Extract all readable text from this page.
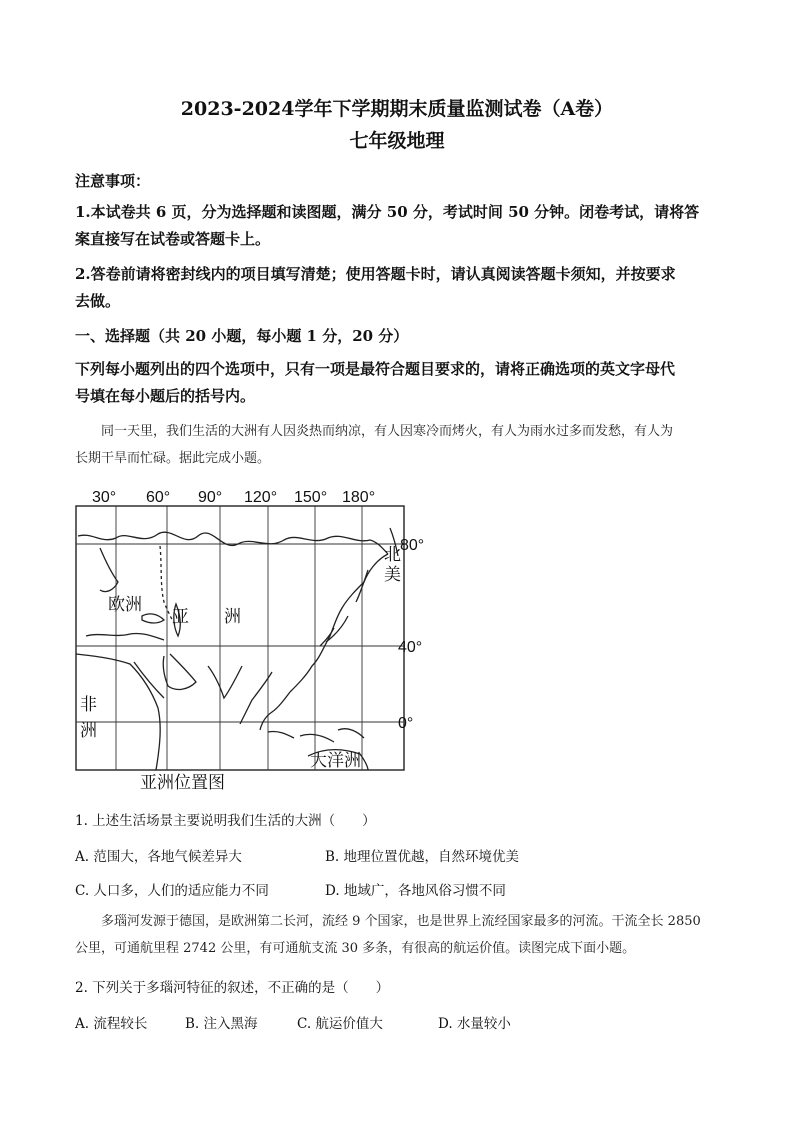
2023-2024学年下学期期末质量监测试卷（A卷）
七年级地理
注意事项：
1.本试卷共 6 页，分为选择题和读图题，满分 50 分，考试时间 50 分钟。闭卷考试，请将答
案直接写在试卷或答题卡上。
2.答卷前请将密封线内的项目填写清楚；使用答题卡时，请认真阅读答题卡须知，并按要求
去做。
一、选择题（共 20 小题，每小题 1 分，20 分）
下列每小题列出的四个选项中，只有一项是最符合题目要求的，请将正确选项的英文字母代
号填在每小题后的括号内。
同一天里，我们生活的大洲有人因炎热而纳凉，有人因寒冷而烤火，有人为雨水过多而发愁，有人为
长期干旱而忙碌。据此完成小题。
30° 60° 90° 120° 150° 180°
80°
40°
0°
欧洲
亚 洲
北
美
非
洲
大洋洲
亚洲位置图
1. 上述生活场景主要说明我们生活的大洲（　　）
A. 范围大，各地气候差异大	B. 地理位置优越，自然环境优美
C. 人口多，人们的适应能力不同	D. 地域广，各地风俗习惯不同
多瑙河发源于德国，是欧洲第二长河，流经 9 个国家，也是世界上流经国家最多的河流。干流全长 2850
公里，可通航里程 2742 公里，有可通航支流 30 多条，有很高的航运价值。读图完成下面小题。
2. 下列关于多瑙河特征的叙述，不正确的是（　　）
A. 流程较长	B. 注入黑海	C. 航运价值大	D. 水量较小
